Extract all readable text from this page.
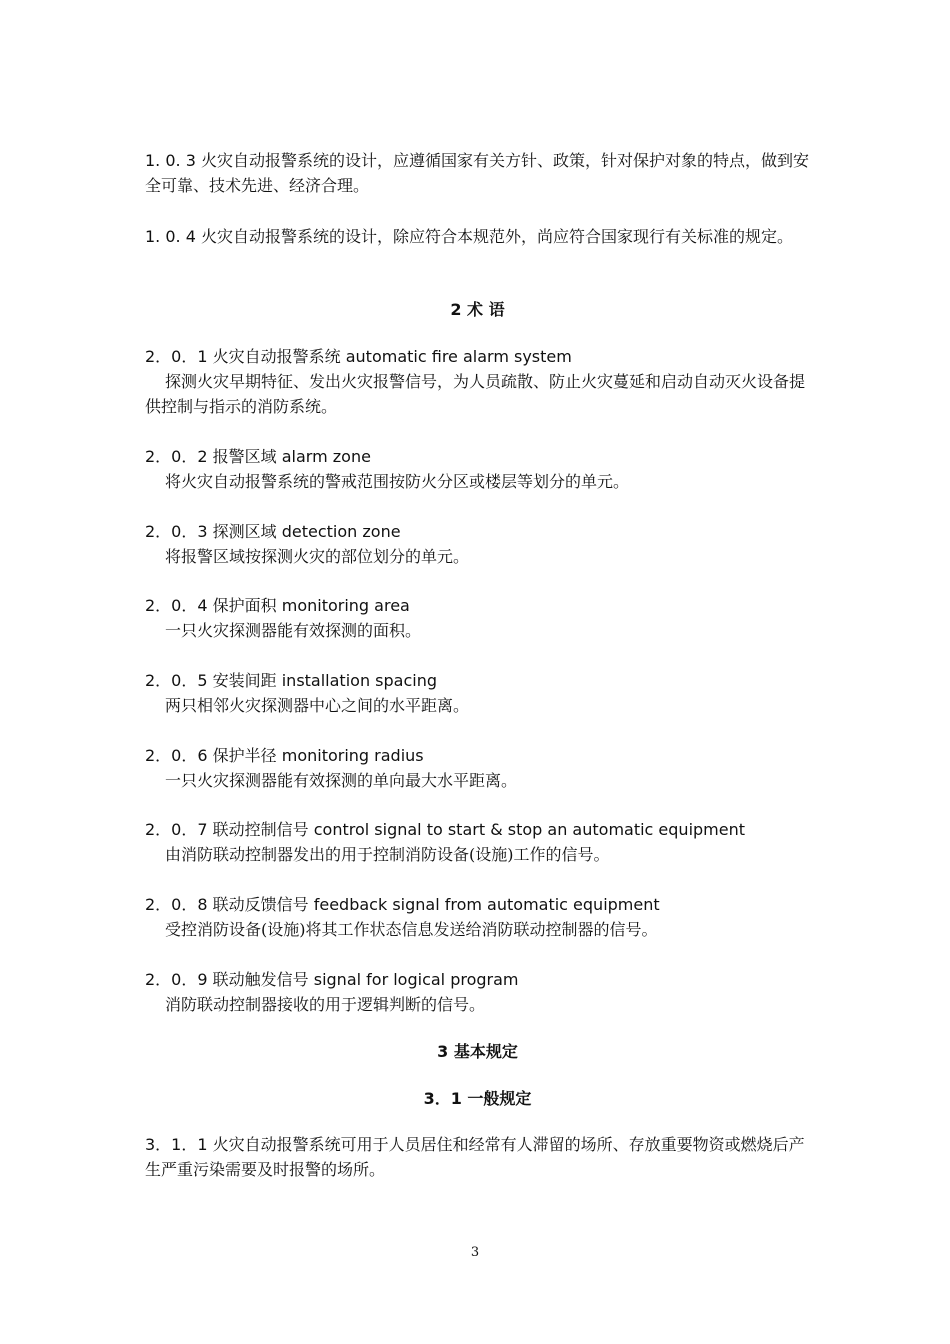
1. 0. 3 火灾自动报警系统的设计，应遵循国家有关方针、政策，针对保护对象的特点，做到安全可靠、技术先进、经济合理。

1. 0. 4 火灾自动报警系统的设计，除应符合本规范外，尚应符合国家现行有关标准的规定。

2 术 语

2．0．1 火灾自动报警系统 automatic fire alarm system

探测火灾早期特征、发出火灾报警信号，为人员疏散、防止火灾蔓延和启动自动灭火设备提供控制与指示的消防系统。

2．0．2 报警区域 alarm zone

将火灾自动报警系统的警戒范围按防火分区或楼层等划分的单元。

2．0．3 探测区域 detection zone

将报警区域按探测火灾的部位划分的单元。

2．0．4 保护面积 monitoring area

一只火灾探测器能有效探测的面积。

2．0．5 安装间距 installation spacing

两只相邻火灾探测器中心之间的水平距离。

2．0．6 保护半径 monitoring radius

一只火灾探测器能有效探测的单向最大水平距离。

2．0．7 联动控制信号 control signal to start & stop an automatic equipment

由消防联动控制器发出的用于控制消防设备(设施)工作的信号。

2．0．8 联动反馈信号 feedback signal from automatic equipment

受控消防设备(设施)将其工作状态信息发送给消防联动控制器的信号。

2．0．9 联动触发信号 signal for logical program

消防联动控制器接收的用于逻辑判断的信号。

3 基本规定

3．1 一般规定

3．1．1 火灾自动报警系统可用于人员居住和经常有人滞留的场所、存放重要物资或燃烧后产生严重污染需要及时报警的场所。

3
